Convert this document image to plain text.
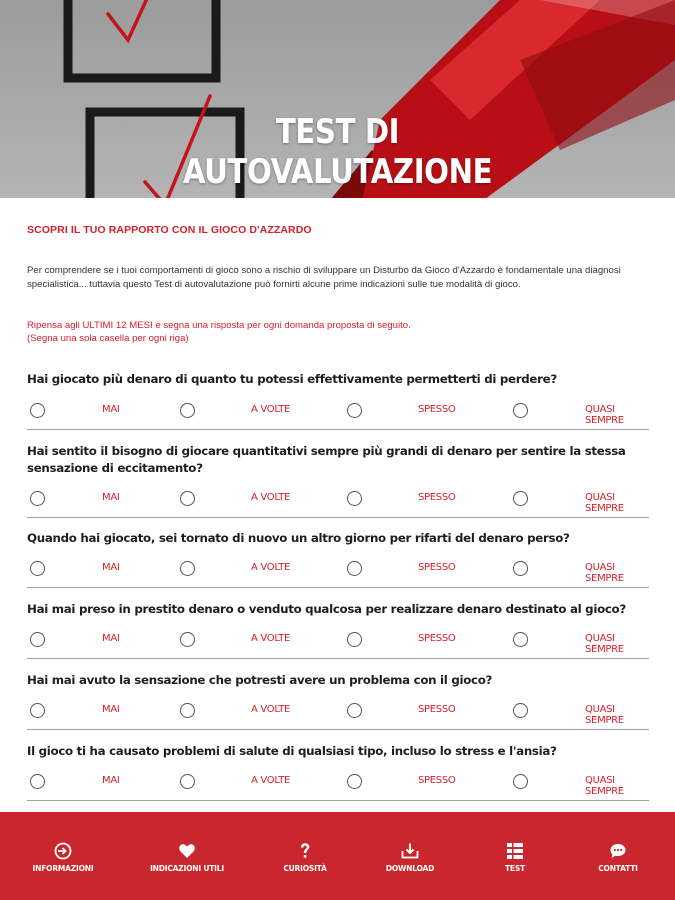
TEST DI
AUTOVALUTAZIONE
SCOPRI IL TUO RAPPORTO CON IL GIOCO D'AZZARDO
Per comprendere se i tuoi comportamenti di gioco sono a rischio di sviluppare un Disturbo da Gioco d'Azzardo è fondamentale una diagnosi specialistica... tuttavia questo Test di autovalutazione può fornirti alcune prime indicazioni sulle tue modalità di gioco.
Ripensa agli ULTIMI 12 MESI e segna una risposta per ogni domanda proposta di seguito.
(Segna una sola casella per ogni riga)
Hai giocato più denaro di quanto tu potessi effettivamente permetterti di perdere?
MAI	A VOLTE	SPESSO	QUASI SEMPRE
Hai sentito il bisogno di giocare quantitativi sempre più grandi di denaro per sentire la stessa sensazione di eccitamento?
MAI	A VOLTE	SPESSO	QUASI SEMPRE
Quando hai giocato, sei tornato di nuovo un altro giorno per rifarti del denaro perso?
MAI	A VOLTE	SPESSO	QUASI SEMPRE
Hai mai preso in prestito denaro o venduto qualcosa per realizzare denaro destinato al gioco?
MAI	A VOLTE	SPESSO	QUASI SEMPRE
Hai mai avuto la sensazione che potresti avere un problema con il gioco?
MAI	A VOLTE	SPESSO	QUASI SEMPRE
Il gioco ti ha causato problemi di salute di qualsiasi tipo, incluso lo stress e l'ansia?
MAI	A VOLTE	SPESSO	QUASI SEMPRE
INFORMAZIONI	INDICAZIONI UTILI	CURIOSITÀ	DOWNLOAD	TEST	CONTATTI
